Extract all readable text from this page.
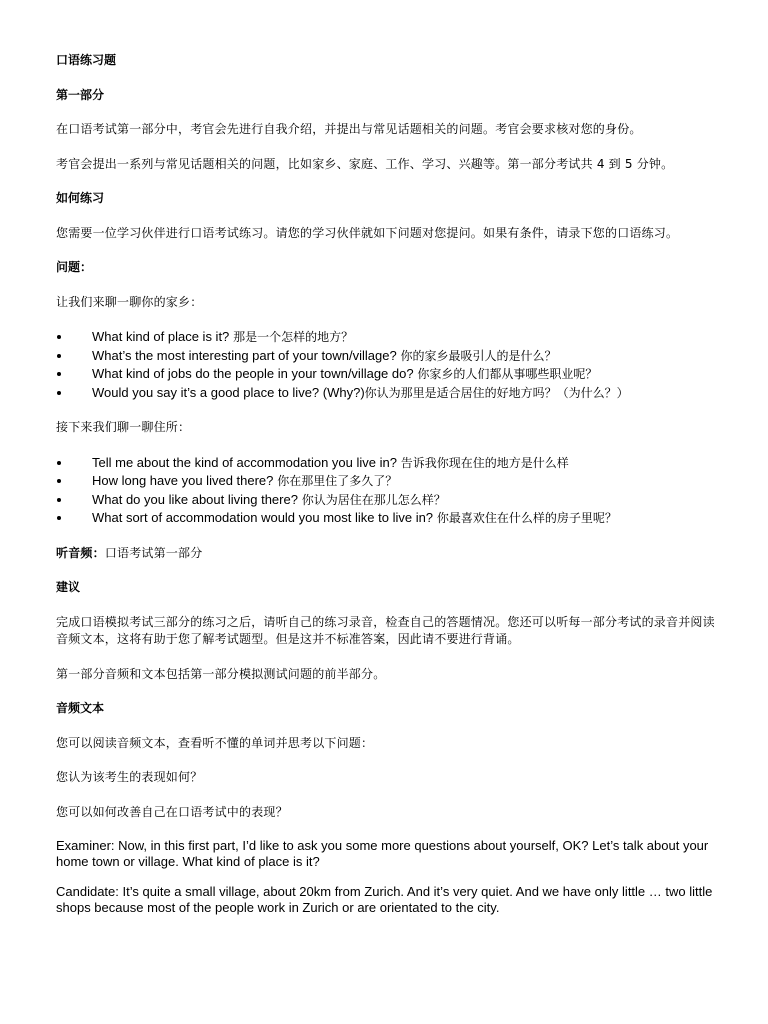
口语练习题
第一部分

在口语考试第一部分中，考官会先进行自我介绍，并提出与常见话题相关的问题。考官会要求核对您的身份。

考官会提出一系列与常见话题相关的问题，比如家乡、家庭、工作、学习、兴趣等。第一部分考试共 4 到 5 分钟。

如何练习

您需要一位学习伙伴进行口语考试练习。请您的学习伙伴就如下问题对您提问。如果有条件，请录下您的口语练习。

问题：

让我们来聊一聊你的家乡：

What kind of place is it? 那是一个怎样的地方？
What’s the most interesting part of your town/village? 你的家乡最吸引人的是什么？
What kind of jobs do the people in your town/village do? 你家乡的人们都从事哪些职业呢？
Would you say it’s a good place to live? (Why?)你认为那里是适合居住的好地方吗？（为什么？）

接下来我们聊一聊住所：

Tell me about the kind of accommodation you live in? 告诉我你现在住的地方是什么样
How long have you lived there? 你在那里住了多久了？
What do you like about living there? 你认为居住在那儿怎么样？
What sort of accommodation would you most like to live in? 你最喜欢住在什么样的房子里呢？

听音频：口语考试第一部分

建议

完成口语模拟考试三部分的练习之后，请听自己的练习录音，检查自己的答题情况。您还可以听每一部分考试的录音并阅读音频文本，这将有助于您了解考试题型。但是这并不标准答案，因此请不要进行背诵。

第一部分音频和文本包括第一部分模拟测试问题的前半部分。

音频文本

您可以阅读音频文本，查看听不懂的单词并思考以下问题：

您认为该考生的表现如何？

您可以如何改善自己在口语考试中的表现？

Examiner: Now, in this first part, I’d like to ask you some more questions about yourself, OK? Let’s talk about your home town or village. What kind of place is it?

Candidate: It’s quite a small village, about 20km from Zurich. And it’s very quiet. And we have only little … two little shops because most of the people work in Zurich or are orientated to the city.
